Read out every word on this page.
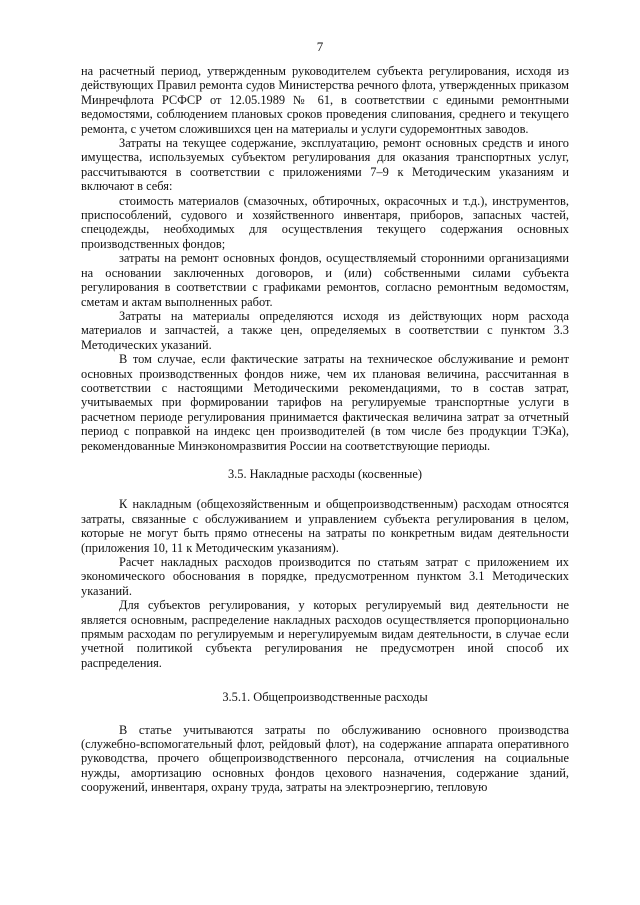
7

на расчетный период, утвержденным руководителем субъекта регулирования, исходя из действующих Правил ремонта судов Министерства речного флота, утвержденных приказом Минречфлота РСФСР от 12.05.1989 № 61, в соответствии с едиными ремонтными ведомостями, соблюдением плановых сроков проведения слипования, среднего и текущего ремонта, с учетом сложившихся цен на материалы и услуги судоремонтных заводов.

Затраты на текущее содержание, эксплуатацию, ремонт основных средств и иного имущества, используемых субъектом регулирования для оказания транспортных услуг, рассчитываются в соответствии с приложениями 7–9 к Методическим указаниям и включают в себя:

стоимость материалов (смазочных, обтирочных, окрасочных и т.д.), инструментов, приспособлений, судового и хозяйственного инвентаря, приборов, запасных частей, спецодежды, необходимых для осуществления текущего содержания основных производственных фондов;

затраты на ремонт основных фондов, осуществляемый сторонними организациями на основании заключенных договоров, и (или) собственными силами субъекта регулирования в соответствии с графиками ремонтов, согласно ремонтным ведомостям, сметам и актам выполненных работ.

Затраты на материалы определяются исходя из действующих норм расхода материалов и запчастей, а также цен, определяемых в соответствии с пунктом 3.3 Методических указаний.

В том случае, если фактические затраты на техническое обслуживание и ремонт основных производственных фондов ниже, чем их плановая величина, рассчитанная в соответствии с настоящими Методическими рекомендациями, то в состав затрат, учитываемых при формировании тарифов на регулируемые транспортные услуги в расчетном периоде регулирования принимается фактическая величина затрат за отчетный период с поправкой на индекс цен производителей (в том числе без продукции ТЭКа), рекомендованные Минэкономразвития России на соответствующие периоды.

3.5. Накладные расходы (косвенные)

К накладным (общехозяйственным и общепроизводственным) расходам относятся затраты, связанные с обслуживанием и управлением субъекта регулирования в целом, которые не могут быть прямо отнесены на затраты по конкретным видам деятельности (приложения 10, 11 к Методическим указаниям).

Расчет накладных расходов производится по статьям затрат с приложением их экономического обоснования в порядке, предусмотренном пунктом 3.1 Методических указаний.

Для субъектов регулирования, у которых регулируемый вид деятельности не является основным, распределение накладных расходов осуществляется пропорционально прямым расходам по регулируемым и нерегулируемым видам деятельности, в случае если учетной политикой субъекта регулирования не предусмотрен иной способ их распределения.

3.5.1. Общепроизводственные расходы

В статье учитываются затраты по обслуживанию основного производства (служебно-вспомогательный флот, рейдовый флот), на содержание аппарата оперативного руководства, прочего общепроизводственного персонала, отчисления на социальные нужды, амортизацию основных фондов цехового назначения, содержание зданий, сооружений, инвентаря, охрану труда, затраты на электроэнергию, тепловую
